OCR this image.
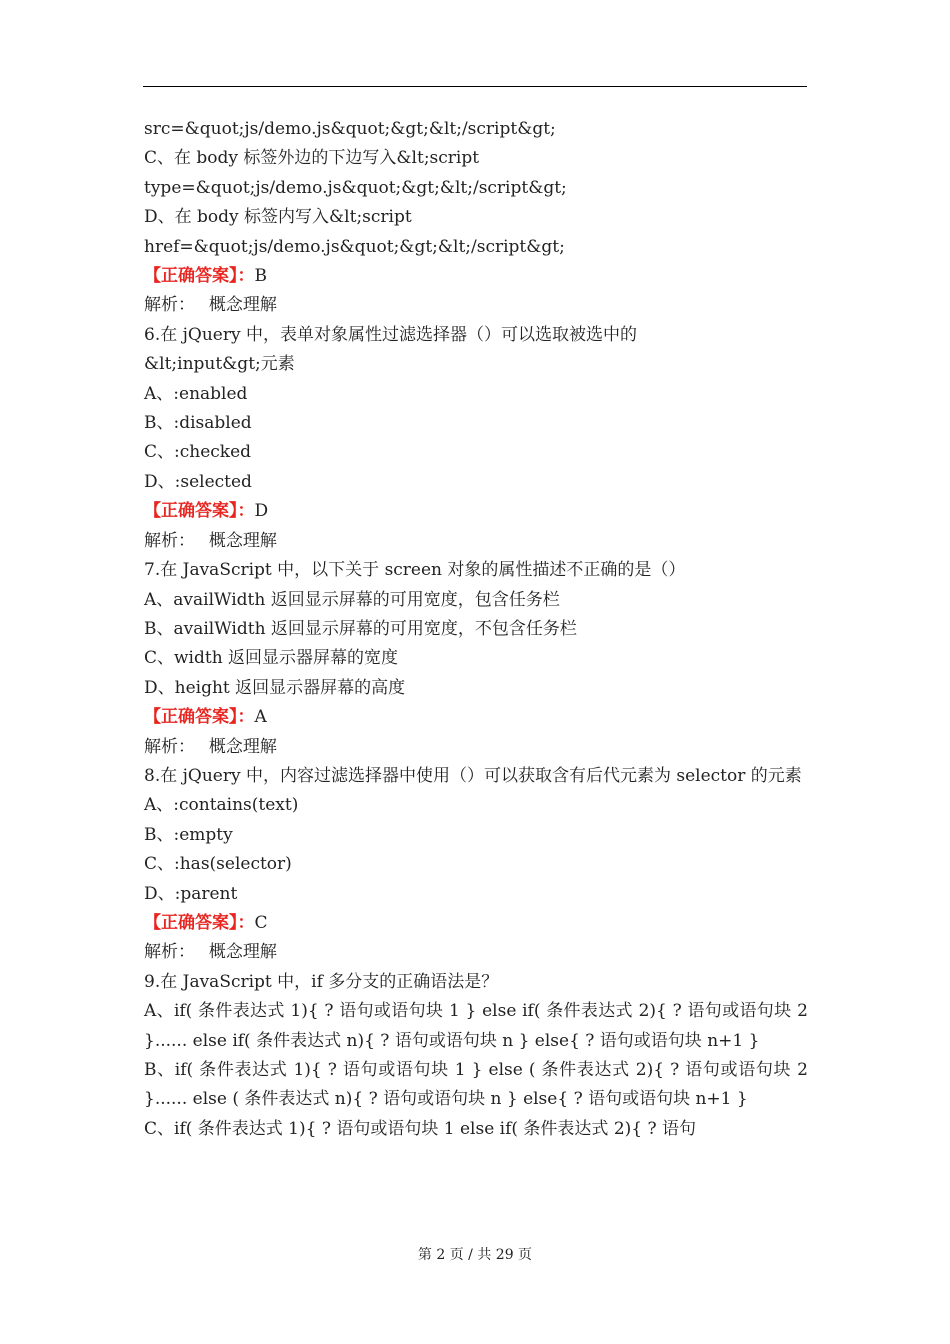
src=&quot;js/demo.js&quot;&gt;&lt;/script&gt;
C、在 body 标签外边的下边写入&lt;script
type=&quot;js/demo.js&quot;&gt;&lt;/script&gt;
D、在 body 标签内写入&lt;script
href=&quot;js/demo.js&quot;&gt;&lt;/script&gt;
【正确答案】：B
解析：　 概念理解
6.在 jQuery 中，表单对象属性过滤选择器（）可以选取被选中的
&lt;input&gt;元素
A、:enabled
B、:disabled
C、:checked
D、:selected
【正确答案】：D
解析：　 概念理解
7.在 JavaScript 中，以下关于 screen 对象的属性描述不正确的是（）
A、availWidth 返回显示屏幕的可用宽度，包含任务栏
B、availWidth 返回显示屏幕的可用宽度，不包含任务栏
C、width 返回显示器屏幕的宽度
D、height 返回显示器屏幕的高度
【正确答案】：A
解析：　 概念理解
8.在 jQuery 中，内容过滤选择器中使用（）可以获取含有后代元素为 selector 的元素
A、:contains(text)
B、:empty
C、:has(selector)
D、:parent
【正确答案】：C
解析：　 概念理解
9.在 JavaScript 中，if 多分支的正确语法是？
A、if( 条件表达式 1){ ? 语句或语句块 1 } else if( 条件表达式 2){ ? 语句或语句块 2 }...... else if( 条件表达式 n){ ? 语句或语句块 n } else{ ? 语句或语句块 n+1 }
B、if( 条件表达式 1){ ? 语句或语句块 1 } else ( 条件表达式 2){ ? 语句或语句块 2 }...... else ( 条件表达式 n){ ? 语句或语句块 n } else{ ? 语句或语句块 n+1 }
C、if( 条件表达式 1){ ? 语句或语句块 1 else if( 条件表达式 2){ ? 语句
第 2 页 / 共 29 页
